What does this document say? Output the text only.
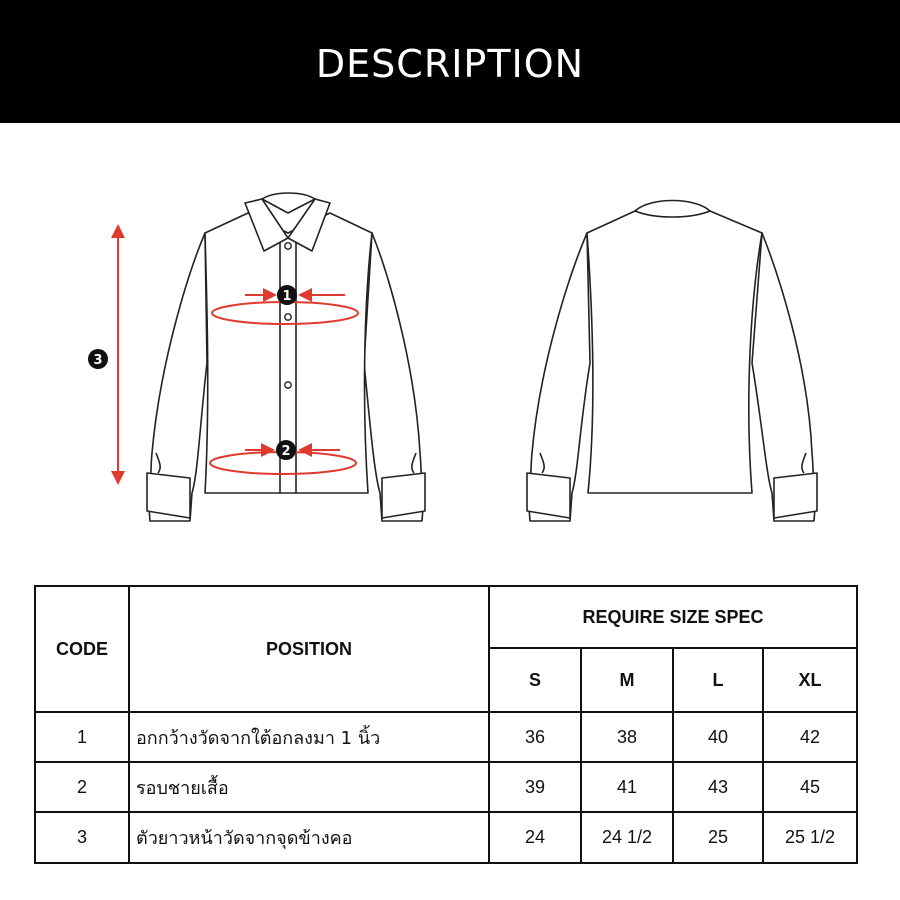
DESCRIPTION
1
2
3
CODE	POSITION	REQUIRE SIZE SPEC			
		S	M	L	XL
1	อกกว้างวัดจากใต้อกลงมา 1 นิ้ว	36	38	40	42
2	รอบชายเสื้อ	39	41	43	45
3	ตัวยาวหน้าวัดจากจุดข้างคอ	24	24 1/2	25	25 1/2
